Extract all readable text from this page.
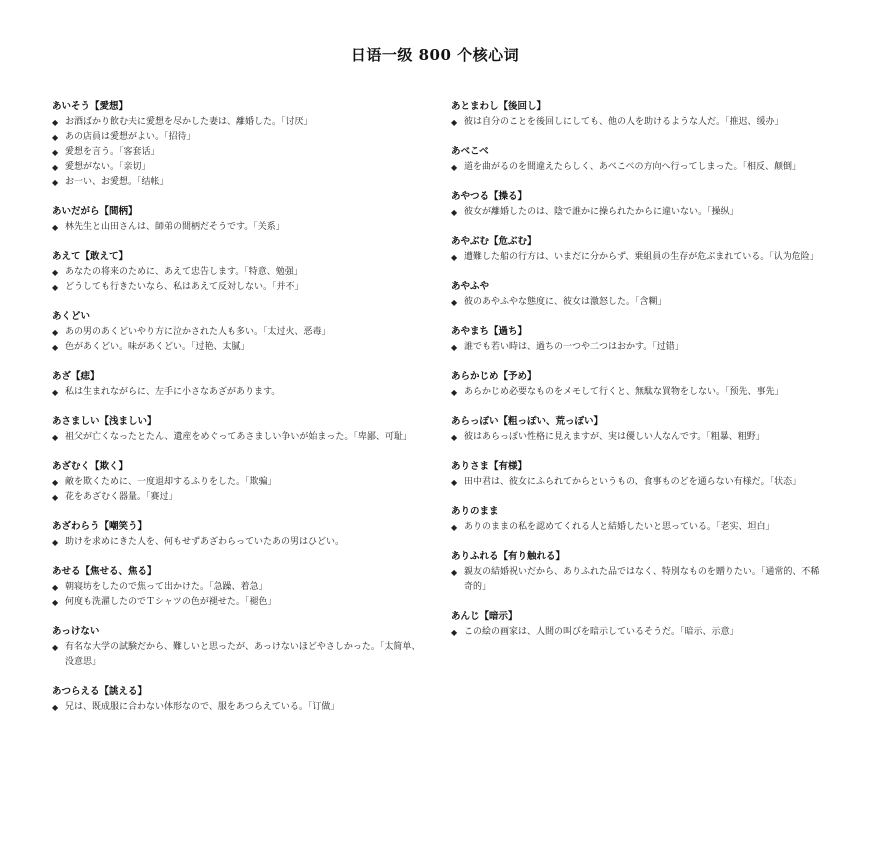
日语一级 800 个核心词
あいそう【愛想】
◆ お酒ばかり飲む夫に愛想を尽かした妻は、離婚した。「讨厌」
◆ あの店員は愛想がよい。「招待」
◆ 愛想を言う。「客套话」
◆ 愛想がない。「亲切」
◆ お一い、お愛想。「结帐」
あいだがら【間柄】
◆ 林先生と山田さんは、師弟の間柄だそうです。「关系」
あえて【敢えて】
◆ あなたの将来のために、あえて忠告します。「特意、勉强」
◆ どうしても行きたいなら、私はあえて反対しない。「并不」
あくどい
◆ あの男のあくどいやり方に泣かされた人も多い。「太过火、恶毒」
◆ 色があくどい。味があくどい。「过艳、太腻」
あざ【痣】
◆ 私は生まれながらに、左手に小さなあざがあります。
あさましい【浅ましい】
◆ 祖父が亡くなったとたん、遺産をめぐってあさましい争いが始まった。「卑鄙、可耻」
あざむく【欺く】
◆ 敵を欺くために、一度退却するふりをした。「欺骗」
◆ 花をあざむく器量。「赛过」
あざわらう【嘲笑う】
◆ 助けを求めにきた人を、何もせずあざわらっていたあの男はひどい。
あせる【焦せる、焦る】
◆ 朝寝坊をしたので焦って出かけた。「急躁、着急」
◆ 何度も洗濯したのでＴシャツの色が褪せた。「褪色」
あっけない
◆ 有名な大学の試験だから、難しいと思ったが、あっけないほどやさしかった。「太简单、没意思」
あつらえる【誂える】
◆ 兄は、既成服に合わない体形なので、服をあつらえている。「订做」
あとまわし【後回し】
◆ 彼は自分のことを後回しにしても、他の人を助けるような人だ。「推迟、缓办」
あべこべ
◆ 道を曲がるのを間違えたらしく、あべこべの方向へ行ってしまった。「相反、颠倒」
あやつる【操る】
◆ 彼女が離婚したのは、陰で誰かに操られたからに違いない。「操纵」
あやぶむ【危ぶむ】
◆ 遭難した船の行方は、いまだに分からず、乗組員の生存が危ぶまれている。「认为危险」
あやふや
◆ 彼のあやふやな態度に、彼女は激怒した。「含糊」
あやまち【過ち】
◆ 誰でも若い時は、過ちの一つや二つはおかす。「过错」
あらかじめ【予め】
◆ あらかじめ必要なものをメモして行くと、無駄な買物をしない。「预先、事先」
あらっぽい【粗っぽい、荒っぽい】
◆ 彼はあらっぽい性格に見えますが、実は優しい人なんです。「粗暴、粗野」
ありさま【有様】
◆ 田中君は、彼女にふられてからというもの、食事ものどを通らない有様だ。「状态」
ありのまま
◆ ありのままの私を認めてくれる人と結婚したいと思っている。「老实、坦白」
ありふれる【有り触れる】
◆ 親友の結婚祝いだから、ありふれた品ではなく、特別なものを贈りたい。「通常的、不稀奇的」
あんじ【暗示】
◆ この絵の画家は、人間の叫びを暗示しているそうだ。「暗示、示意」
